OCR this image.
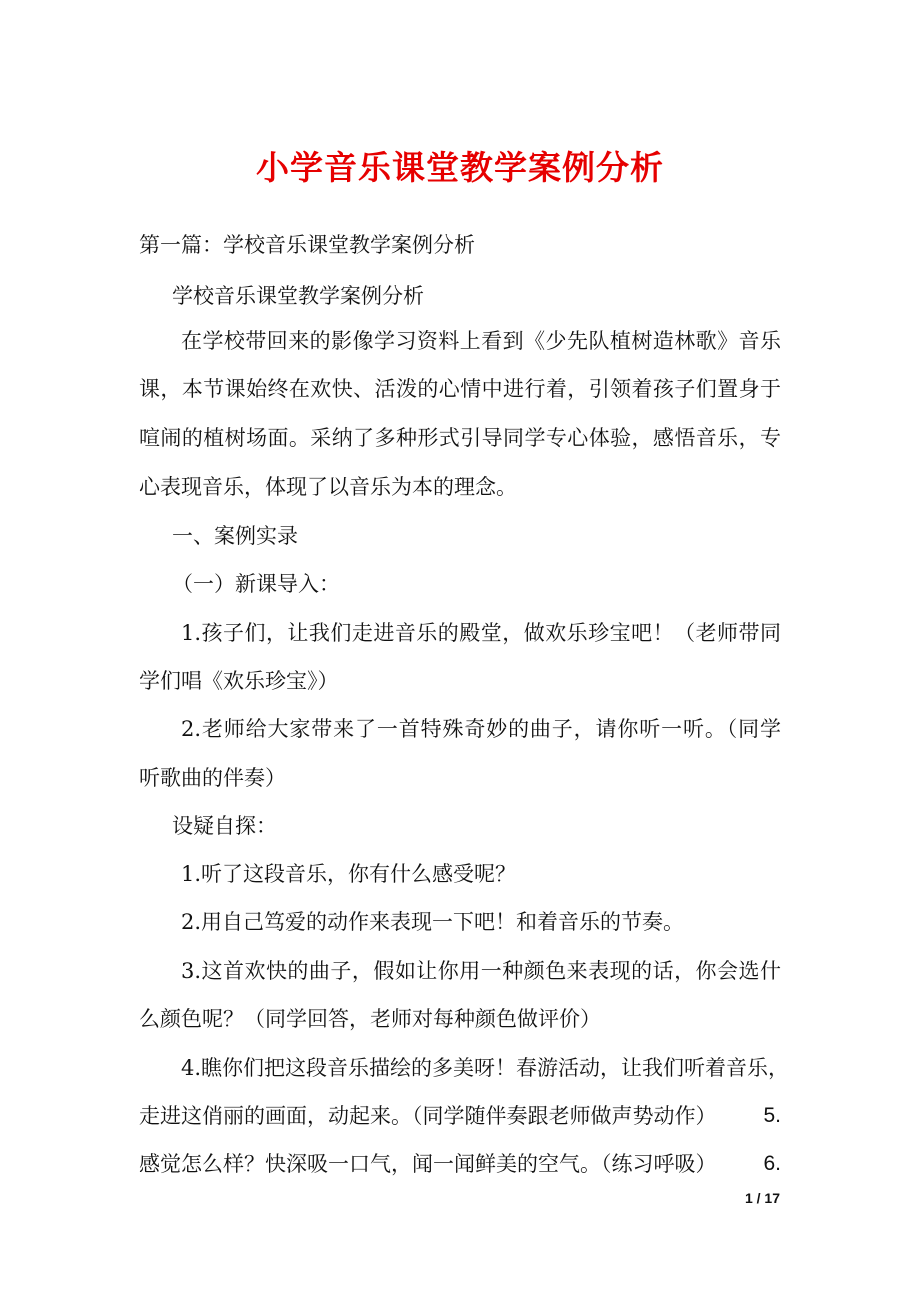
小学音乐课堂教学案例分析
第一篇：学校音乐课堂教学案例分析
学校音乐课堂教学案例分析
在学校带回来的影像学习资料上看到《少先队植树造林歌》音乐
课，本节课始终在欢快、活泼的心情中进行着，引领着孩子们置身于
喧闹的植树场面。采纳了多种形式引导同学专心体验，感悟音乐，专
心表现音乐，体现了以音乐为本的理念。
一、案例实录
（一）新课导入：
1.孩子们，让我们走进音乐的殿堂，做欢乐珍宝吧！（老师带同
学们唱《欢乐珍宝》）
2.老师给大家带来了一首特殊奇妙的曲子，请你听一听。（同学
听歌曲的伴奏）
设疑自探：
1.听了这段音乐，你有什么感受呢？
2.用自己笃爱的动作来表现一下吧！和着音乐的节奏。
3.这首欢快的曲子，假如让你用一种颜色来表现的话，你会选什
么颜色呢？（同学回答，老师对每种颜色做评价）
4.瞧你们把这段音乐描绘的多美呀！春游活动，让我们听着音乐，
走进这俏丽的画面，动起来。（同学随伴奏跟老师做声势动作） 5.
感觉怎么样？快深吸一口气，闻一闻鲜美的空气。（练习呼吸） 6.
1 / 17
